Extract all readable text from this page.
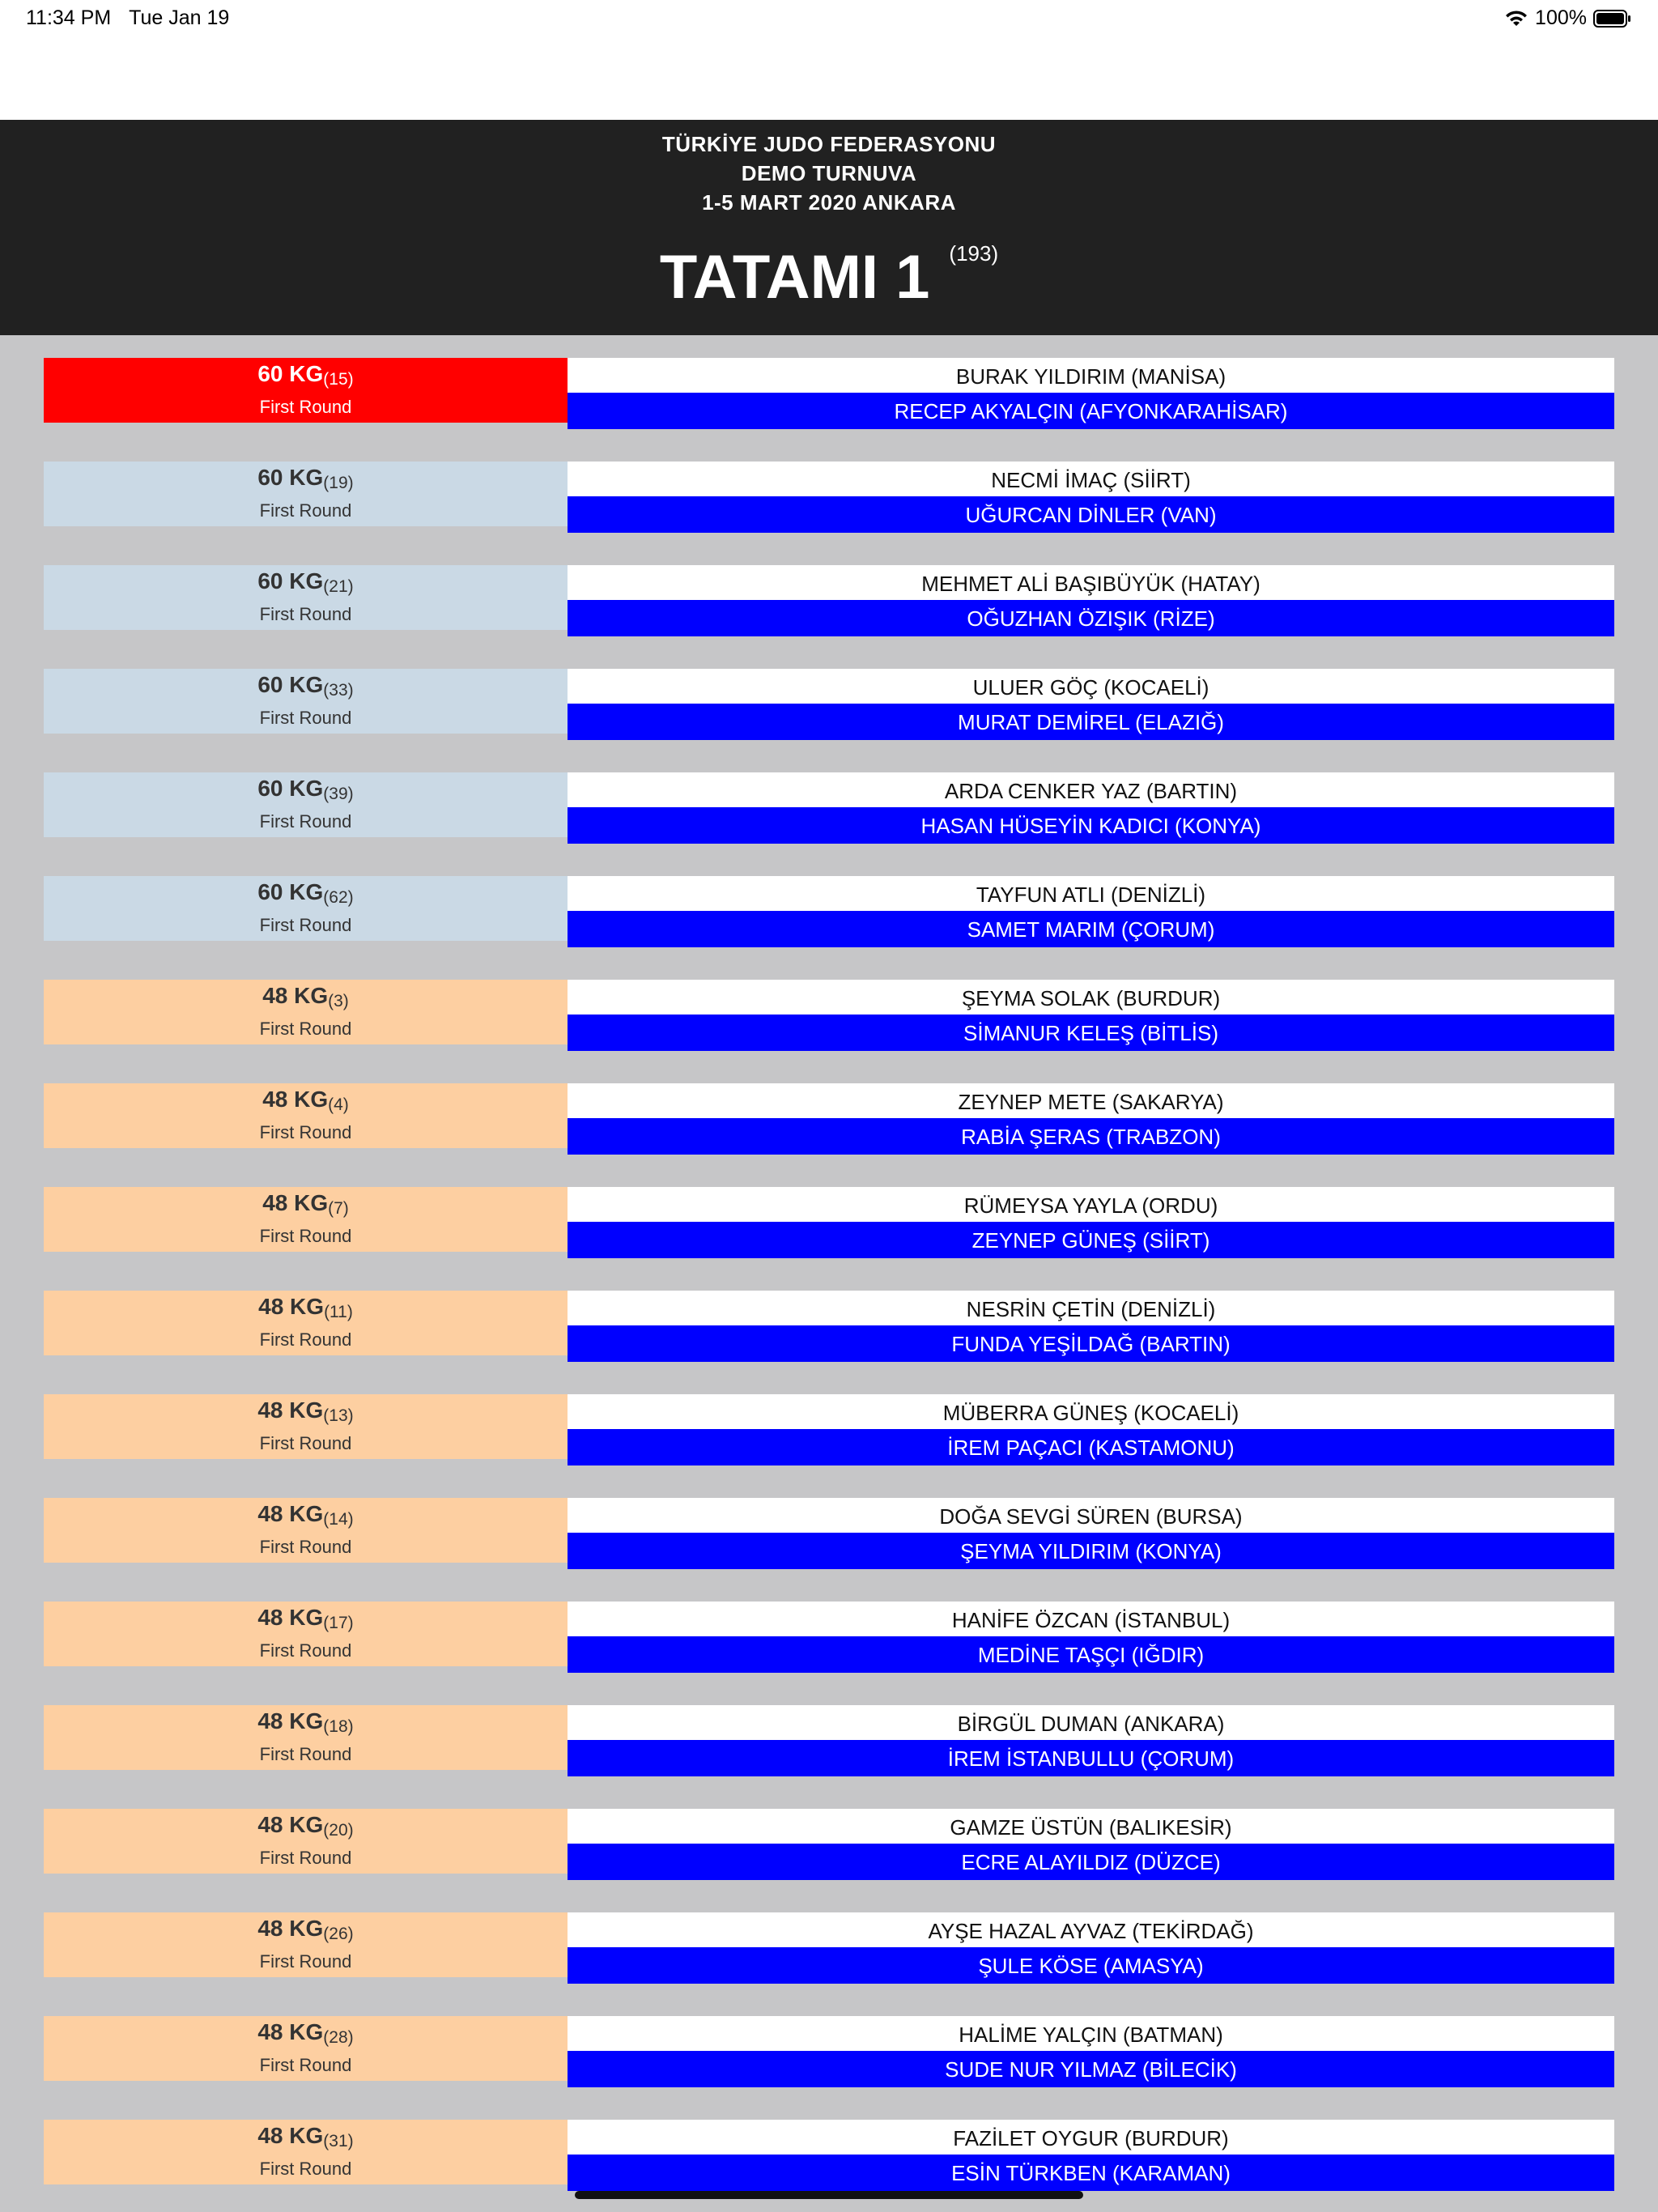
11:34 PM Tue Jan 19	100%
TÜRKİYE JUDO FEDERASYONU
DEMO TURNUVA
1-5 MART 2020 ANKARA
TATAMI 1 (193)
60 $KG_{(15)}$
First Round
BURAK YILDIRIM (MANİSA)
RECEP AKYALÇIN (AFYONKARAHİSAR)
60 $KG_{(19)}$
First Round
NECMİ İMAÇ (SİİRT)
UĞURCAN DİNLER (VAN)
60 $KG_{(21)}$
First Round
MEHMET ALİ BAŞIBÜYÜK (HATAY)
OĞUZHAN ÖZIŞIK (RİZE)
60 $KG_{(33)}$
First Round
ULUER GÖÇ (KOCAELİ)
MURAT DEMİREL (ELAZIĞ)
60 $KG_{(39)}$
First Round
ARDA CENKER YAZ (BARTIN)
HASAN HÜSEYİN KADICI (KONYA)
60 $KG_{(62)}$
First Round
TAYFUN ATLI (DENİZLİ)
SAMET MARIM (ÇORUM)
48 $KG_{(3)}$
First Round
ŞEYMA SOLAK (BURDUR)
SİMANUR KELEŞ (BİTLİS)
48 $KG_{(4)}$
First Round
ZEYNEP METE (SAKARYA)
RABİA ŞERAS (TRABZON)
48 $KG_{(7)}$
First Round
RÜMEYSA YAYLA (ORDU)
ZEYNEP GÜNEŞ (SİİRT)
48 $KG_{(11)}$
First Round
NESRİN ÇETİN (DENİZLİ)
FUNDA YEŞİLDAĞ (BARTIN)
48 $KG_{(13)}$
First Round
MÜBERRA GÜNEŞ (KOCAELİ)
İREM PAÇACI (KASTAMONU)
48 $KG_{(14)}$
First Round
DOĞA SEVGİ SÜREN (BURSA)
ŞEYMA YILDIRIM (KONYA)
48 $KG_{(17)}$
First Round
HANİFE ÖZCAN (İSTANBUL)
MEDİNE TAŞÇI (IĞDIR)
48 $KG_{(18)}$
First Round
BİRGÜL DUMAN (ANKARA)
İREM İSTANBULLU (ÇORUM)
48 $KG_{(20)}$
First Round
GAMZE ÜSTÜN (BALIKESİR)
ECRE ALAYILDIZ (DÜZCE)
48 $KG_{(26)}$
First Round
AYŞE HAZAL AYVAZ (TEKİRDAĞ)
ŞULE KÖSE (AMASYA)
48 $KG_{(28)}$
First Round
HALİME YALÇIN (BATMAN)
SUDE NUR YILMAZ (BİLECİK)
48 $KG_{(31)}$
First Round
FAZİLET OYGUR (BURDUR)
ESİN TÜRKBEN (KARAMAN)
